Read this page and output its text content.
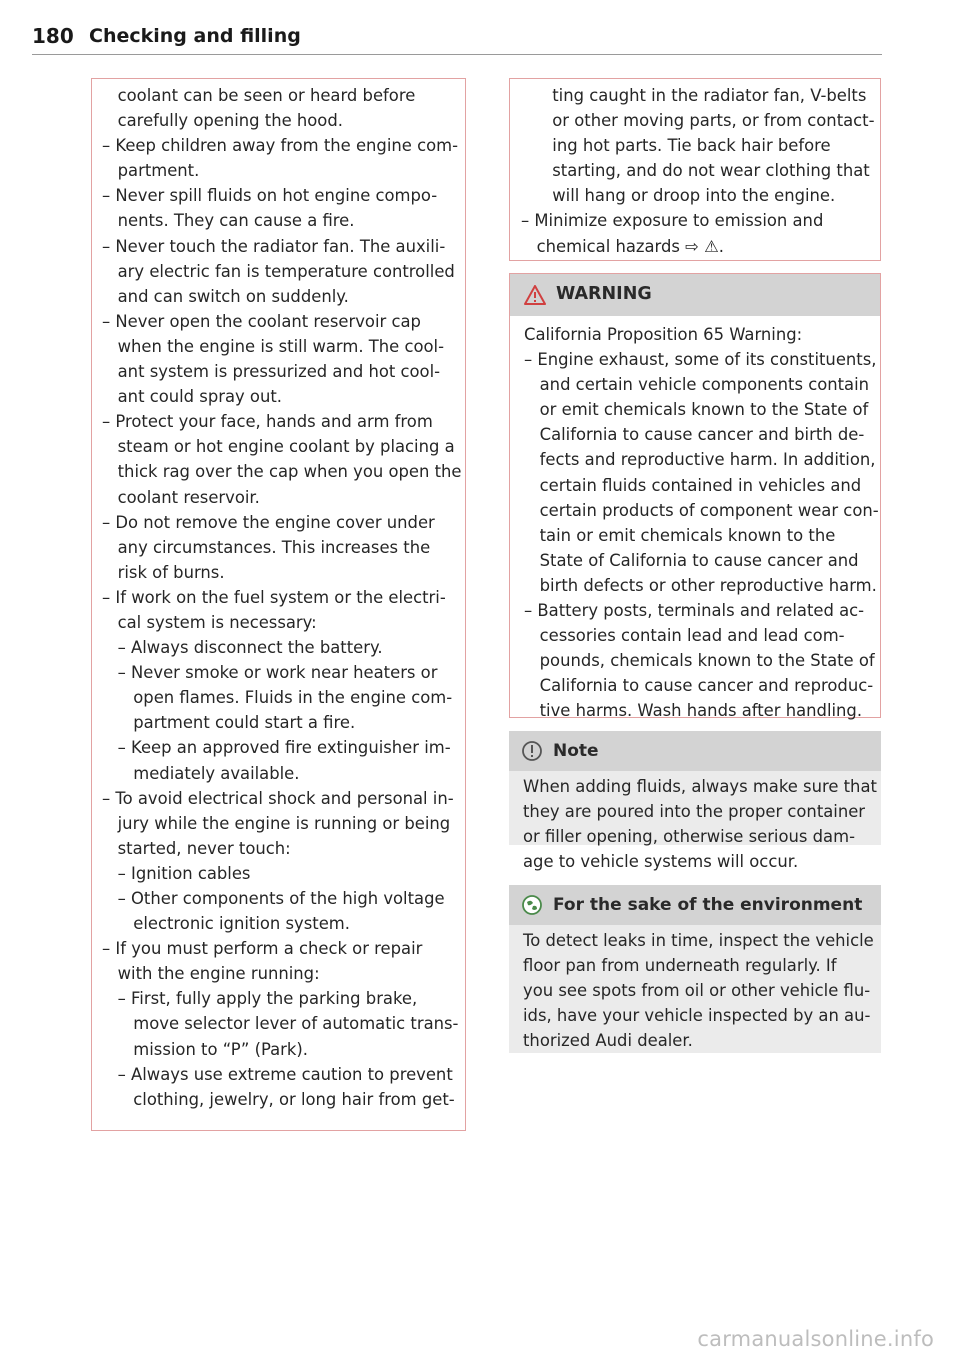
180 Checking and filling
coolant can be seen or heard before
carefully opening the hood.
– Keep children away from the engine com-
partment.
– Never spill fluids on hot engine compo-
nents. They can cause a fire.
– Never touch the radiator fan. The auxili-
ary electric fan is temperature controlled
and can switch on suddenly.
– Never open the coolant reservoir cap
when the engine is still warm. The cool-
ant system is pressurized and hot cool-
ant could spray out.
– Protect your face, hands and arm from
steam or hot engine coolant by placing a
thick rag over the cap when you open the
coolant reservoir.
– Do not remove the engine cover under
any circumstances. This increases the
risk of burns.
– If work on the fuel system or the electri-
cal system is necessary:
– Always disconnect the battery.
– Never smoke or work near heaters or
open flames. Fluids in the engine com-
partment could start a fire.
– Keep an approved fire extinguisher im-
mediately available.
– To avoid electrical shock and personal in-
jury while the engine is running or being
started, never touch:
– Ignition cables
– Other components of the high voltage
electronic ignition system.
– If you must perform a check or repair
with the engine running:
– First, fully apply the parking brake,
move selector lever of automatic trans-
mission to “P” (Park).
– Always use extreme caution to prevent
clothing, jewelry, or long hair from get-
ting caught in the radiator fan, V-belts
or other moving parts, or from contact-
ing hot parts. Tie back hair before
starting, and do not wear clothing that
will hang or droop into the engine.
– Minimize exposure to emission and
chemical hazards ⇨ ⚠.
WARNING
California Proposition 65 Warning:
– Engine exhaust, some of its constituents,
and certain vehicle components contain
or emit chemicals known to the State of
California to cause cancer and birth de-
fects and reproductive harm. In addition,
certain fluids contained in vehicles and
certain products of component wear con-
tain or emit chemicals known to the
State of California to cause cancer and
birth defects or other reproductive harm.
– Battery posts, terminals and related ac-
cessories contain lead and lead com-
pounds, chemicals known to the State of
California to cause cancer and reproduc-
tive harms. Wash hands after handling.
Note
When adding fluids, always make sure that
they are poured into the proper container
or filler opening, otherwise serious dam-
age to vehicle systems will occur.
For the sake of the environment
To detect leaks in time, inspect the vehicle
floor pan from underneath regularly. If
you see spots from oil or other vehicle flu-
ids, have your vehicle inspected by an au-
thorized Audi dealer.
carmanualsonline.info
